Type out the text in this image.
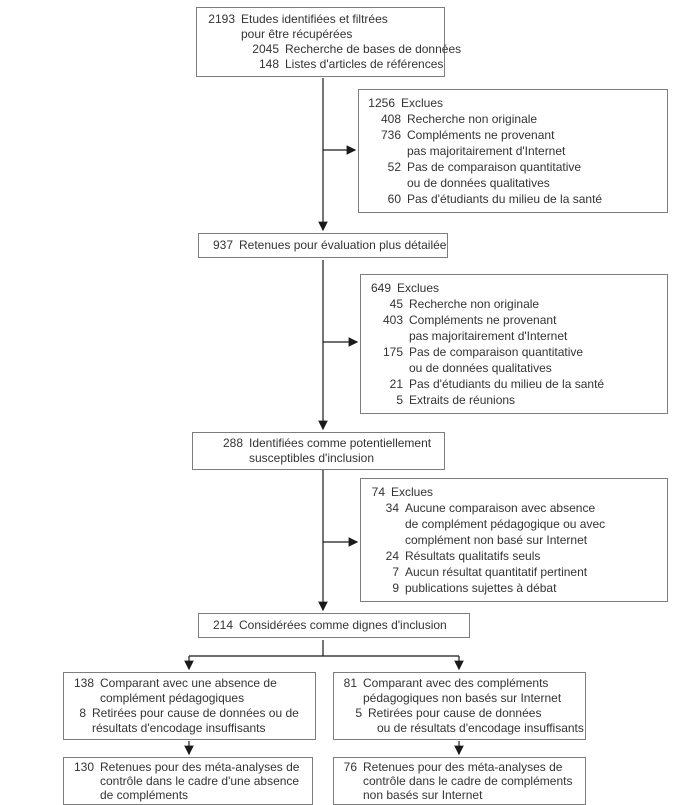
2193 Etudes identifiées et filtrées
pour être récupérées
2045 Recherche de bases de données
148 Listes d'articles de références
1256 Exclues
408 Recherche non originale
736 Compléments ne provenant
pas majoritairement d'Internet
52 Pas de comparaison quantitative
ou de données qualitatives
60 Pas d'étudiants du milieu de la santé
937 Retenues pour évaluation plus détailée
649 Exclues
45 Recherche non originale
403 Compléments ne provenant
pas majoritairement d'Internet
175 Pas de comparaison quantitative
ou de données qualitatives
21 Pas d'étudiants du milieu de la santé
5 Extraits de réunions
288 Identifiées comme potentiellement
susceptibles d'inclusion
74 Exclues
34 Aucune comparaison avec absence
de complément pédagogique ou avec
complément non basé sur Internet
24 Résultats qualitatifs seuls
7 Aucun résultat quantitatif pertinent
9 publications sujettes à débat
214 Considérées comme dignes d'inclusion
138 Comparant avec une absence de
complément pédagogiques
8 Retirées pour cause de données ou de
résultats d'encodage insuffisants
81 Comparant avec des compléments
pédagogiques non basés sur Internet
5 Retirées pour cause de données
ou de résultats d'encodage insuffisants
130 Retenues pour des méta-analyses de
contrôle dans le cadre d'une absence
de compléments
76 Retenues pour des méta-analyses de
contrôle dans le cadre de compléments
non basés sur Internet
